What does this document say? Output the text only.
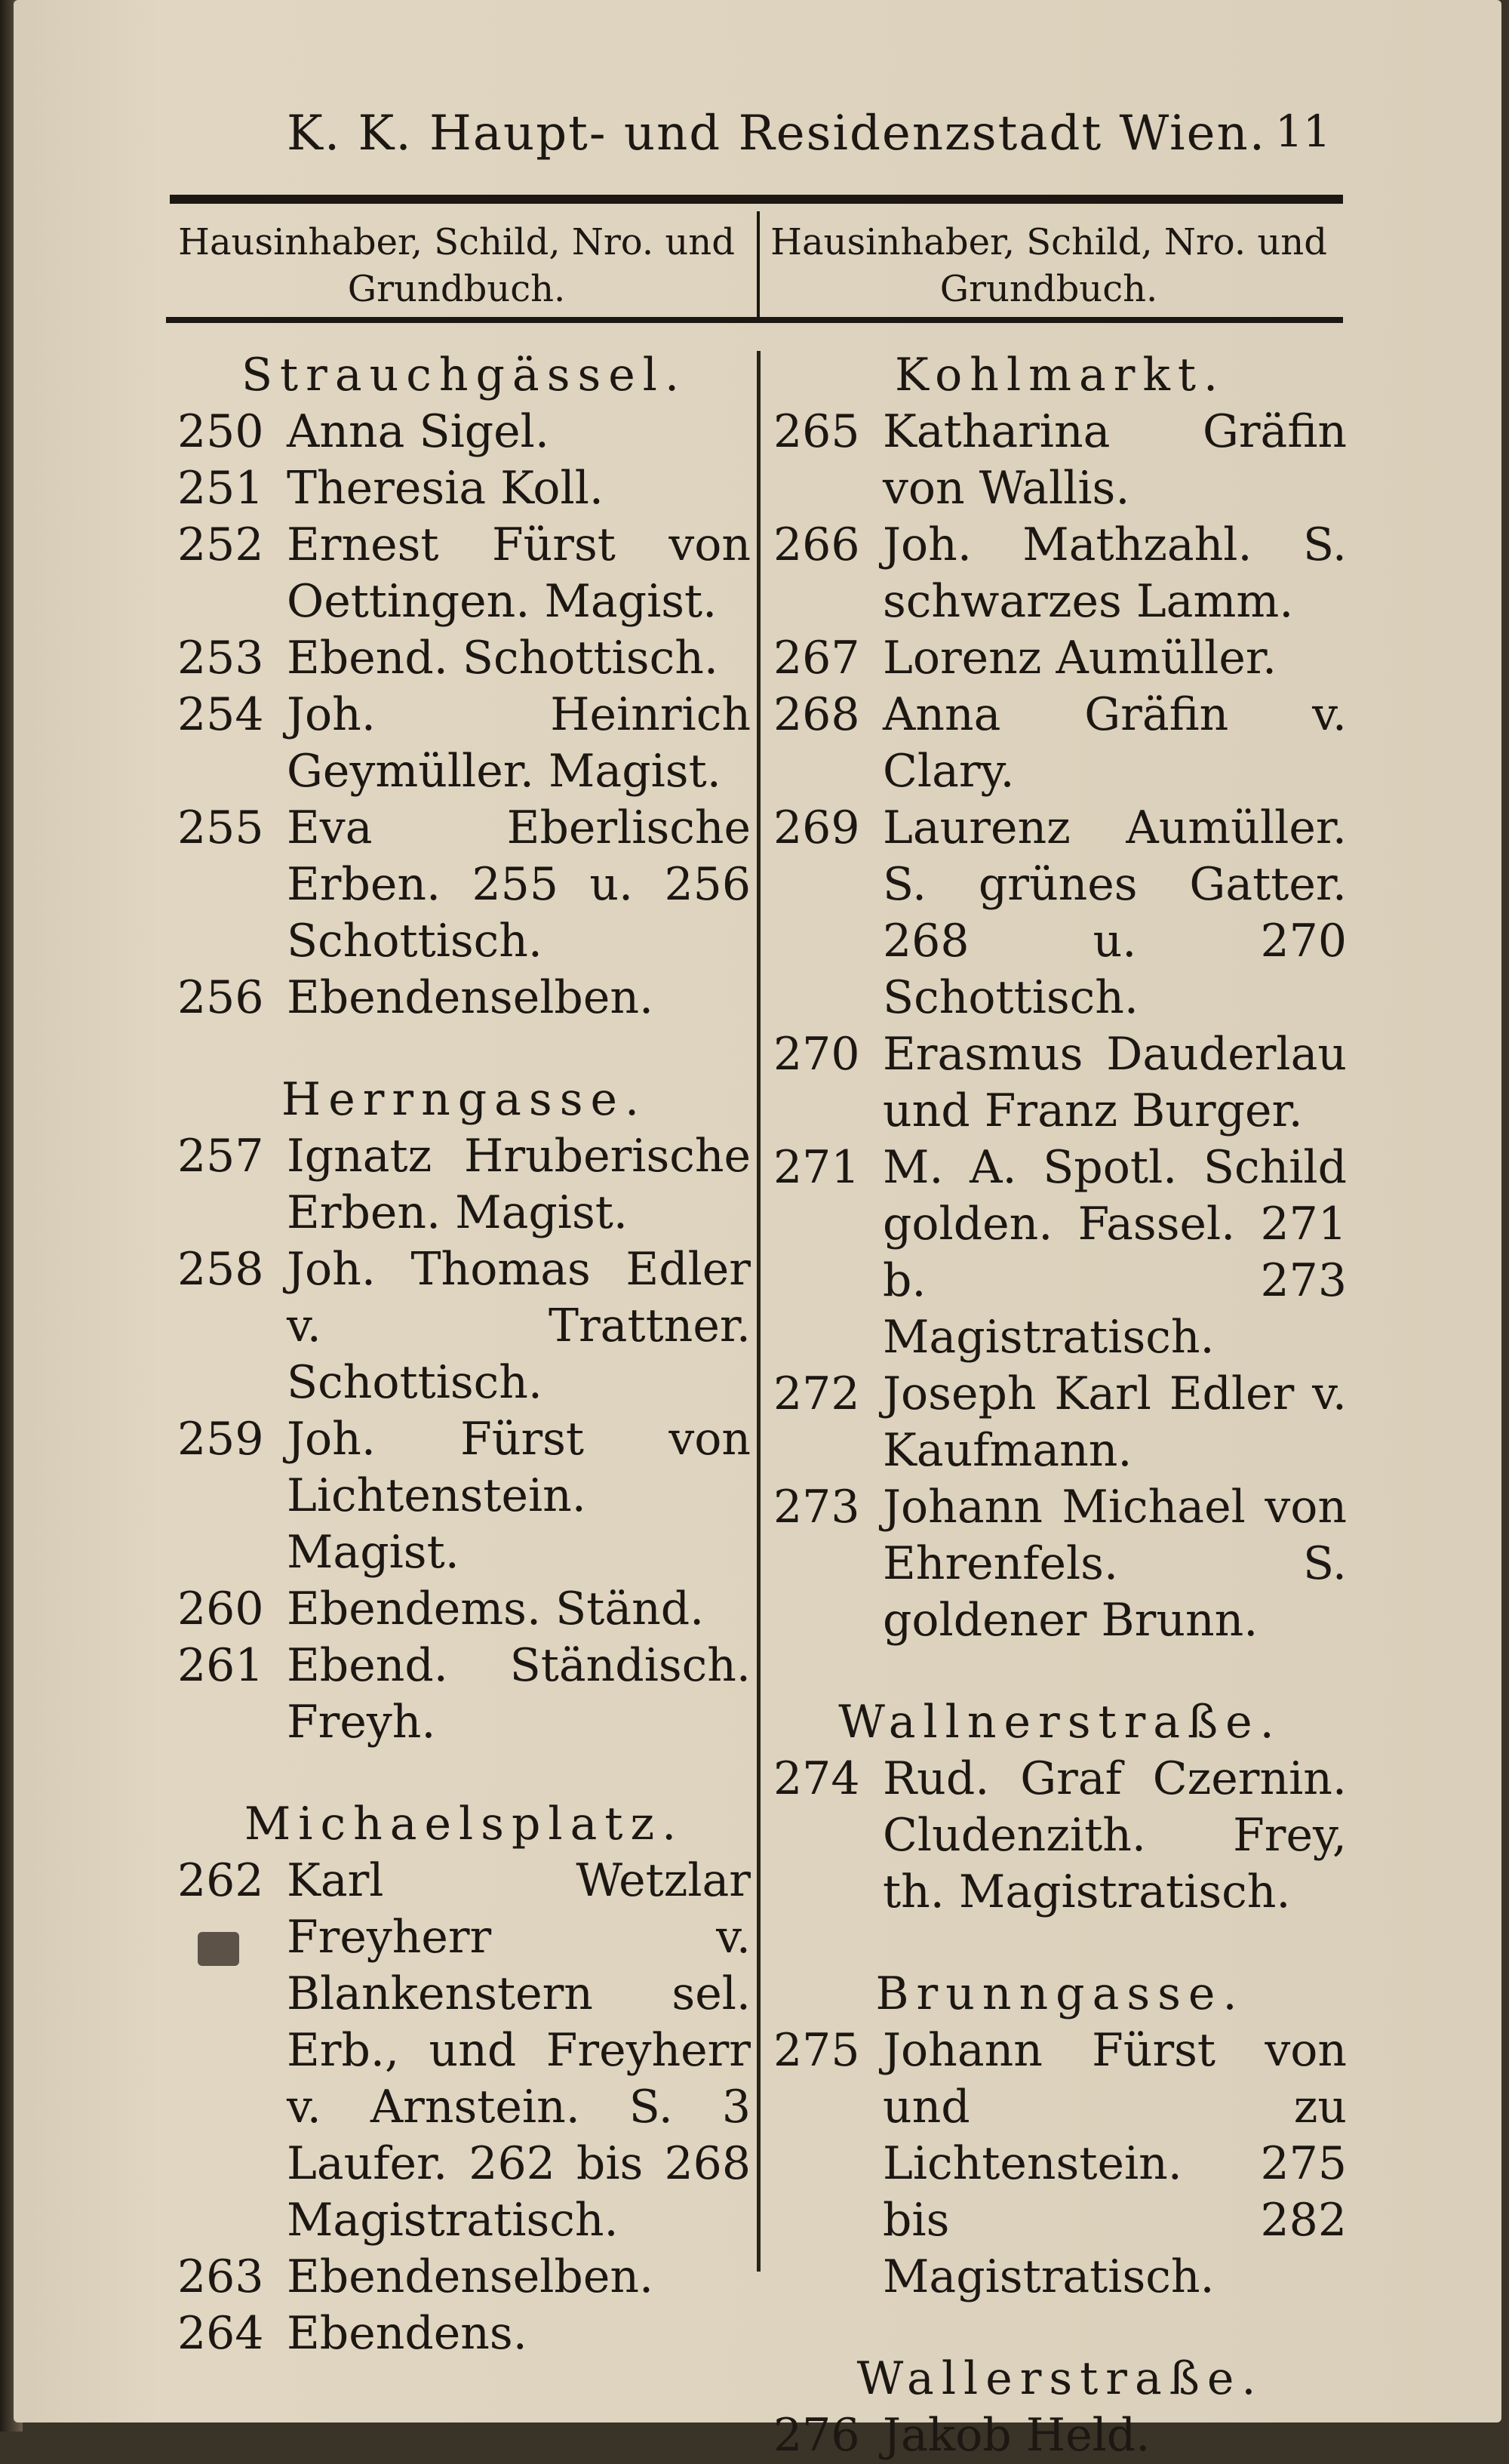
K. K. Haupt- und Residenzstadt Wien. 11
Hausinhaber, Schild, Nro. und Grundbuch.
Hausinhaber, Schild, Nro. und Grundbuch.

Strauchgässel.

250 Anna Sigel.
251 Theresia Koll.
252 Ernest Fürst von Oettingen. Magist.
253 Ebend. Schottisch.
254 Joh. Heinrich Geymüller. Magist.
255 Eva Eberlische Erben. 255 u. 256 Schottisch.
256 Ebendenselben.

Herrngasse.

257 Ignatz Hruberische Erben. Magist.
258 Joh. Thomas Edler v. Trattner. Schottisch.
259 Joh. Fürst von Lichtenstein. Magist.
260 Ebendems. Ständ.
261 Ebend. Ständisch. Freyh.

Michaelsplatz.

262 Karl Wetzlar Freyherr v. Blankenstern sel. Erb., und Freyherr v. Arnstein. S. 3 Laufer. 262 bis 268 Magistratisch.
263 Ebendenselben.
264 Ebendens.

Kohlmarkt.

265 Katharina Gräfin von Wallis.
266 Joh. Mathzahl. S. schwarzes Lamm.
267 Lorenz Aumüller.
268 Anna Gräfin v. Clary.
269 Laurenz Aumüller. S. grünes Gatter. 268 u. 270 Schottisch.
270 Erasmus Dauderlau und Franz Burger.
271 M. A. Spotl. Schild golden. Fassel. 271 b. 273 Magistratisch.
272 Joseph Karl Edler v. Kaufmann.
273 Johann Michael von Ehrenfels. S. goldener Brunn.

Wallnerstraße.

274 Rud. Graf Czernin. Cludenzith. Frey, th. Magistratisch.

Brunngasse.

275 Johann Fürst von und zu Lichtenstein. 275 bis 282 Magistratisch.

Wallerstraße.

276 Jakob Held.
